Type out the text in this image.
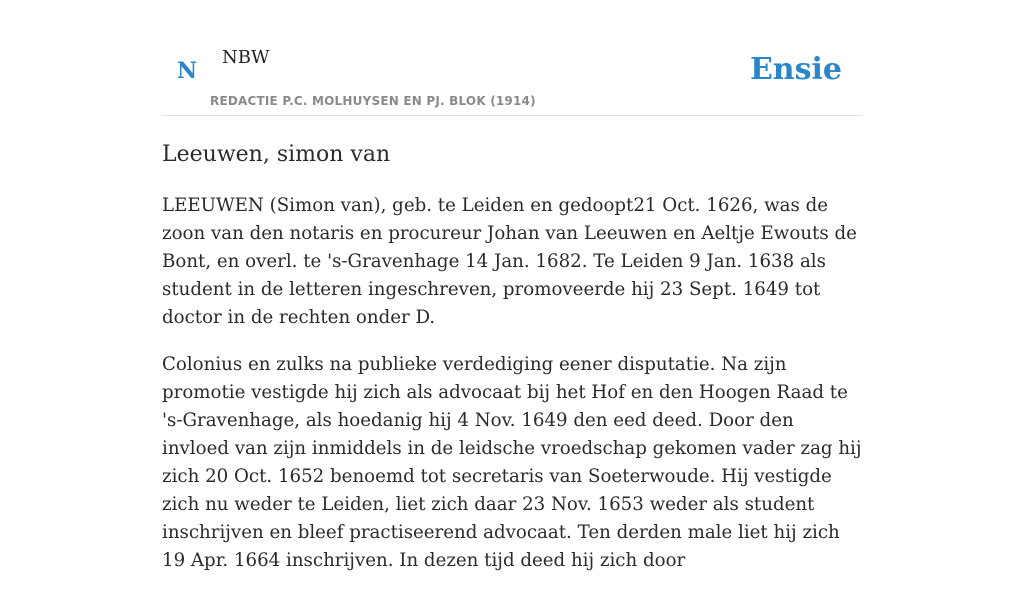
N
NBW
REDACTIE P.C. MOLHUYSEN EN PJ. BLOK (1914)
Ensie
Leeuwen, simon van

LEEUWEN (Simon van), geb. te Leiden en gedoopt21 Oct. 1626, was de zoon van den notaris en procureur Johan van Leeuwen en Aeltje Ewouts de Bont, en overl. te 's-Gravenhage 14 Jan. 1682. Te Leiden 9 Jan. 1638 als student in de letteren ingeschreven, promoveerde hij 23 Sept. 1649 tot doctor in de rechten onder D.

Colonius en zulks na publieke verdediging eener disputatie. Na zijn promotie vestigde hij zich als advocaat bij het Hof en den Hoogen Raad te 's-Gravenhage, als hoedanig hij 4 Nov. 1649 den eed deed. Door den invloed van zijn inmiddels in de leidsche vroedschap gekomen vader zag hij zich 20 Oct. 1652 benoemd tot secretaris van Soeterwoude. Hij vestigde zich nu weder te Leiden, liet zich daar 23 Nov. 1653 weder als student inschrijven en bleef practiseerend advocaat. Ten derden male liet hij zich 19 Apr. 1664 inschrijven. In dezen tijd deed hij zich door
